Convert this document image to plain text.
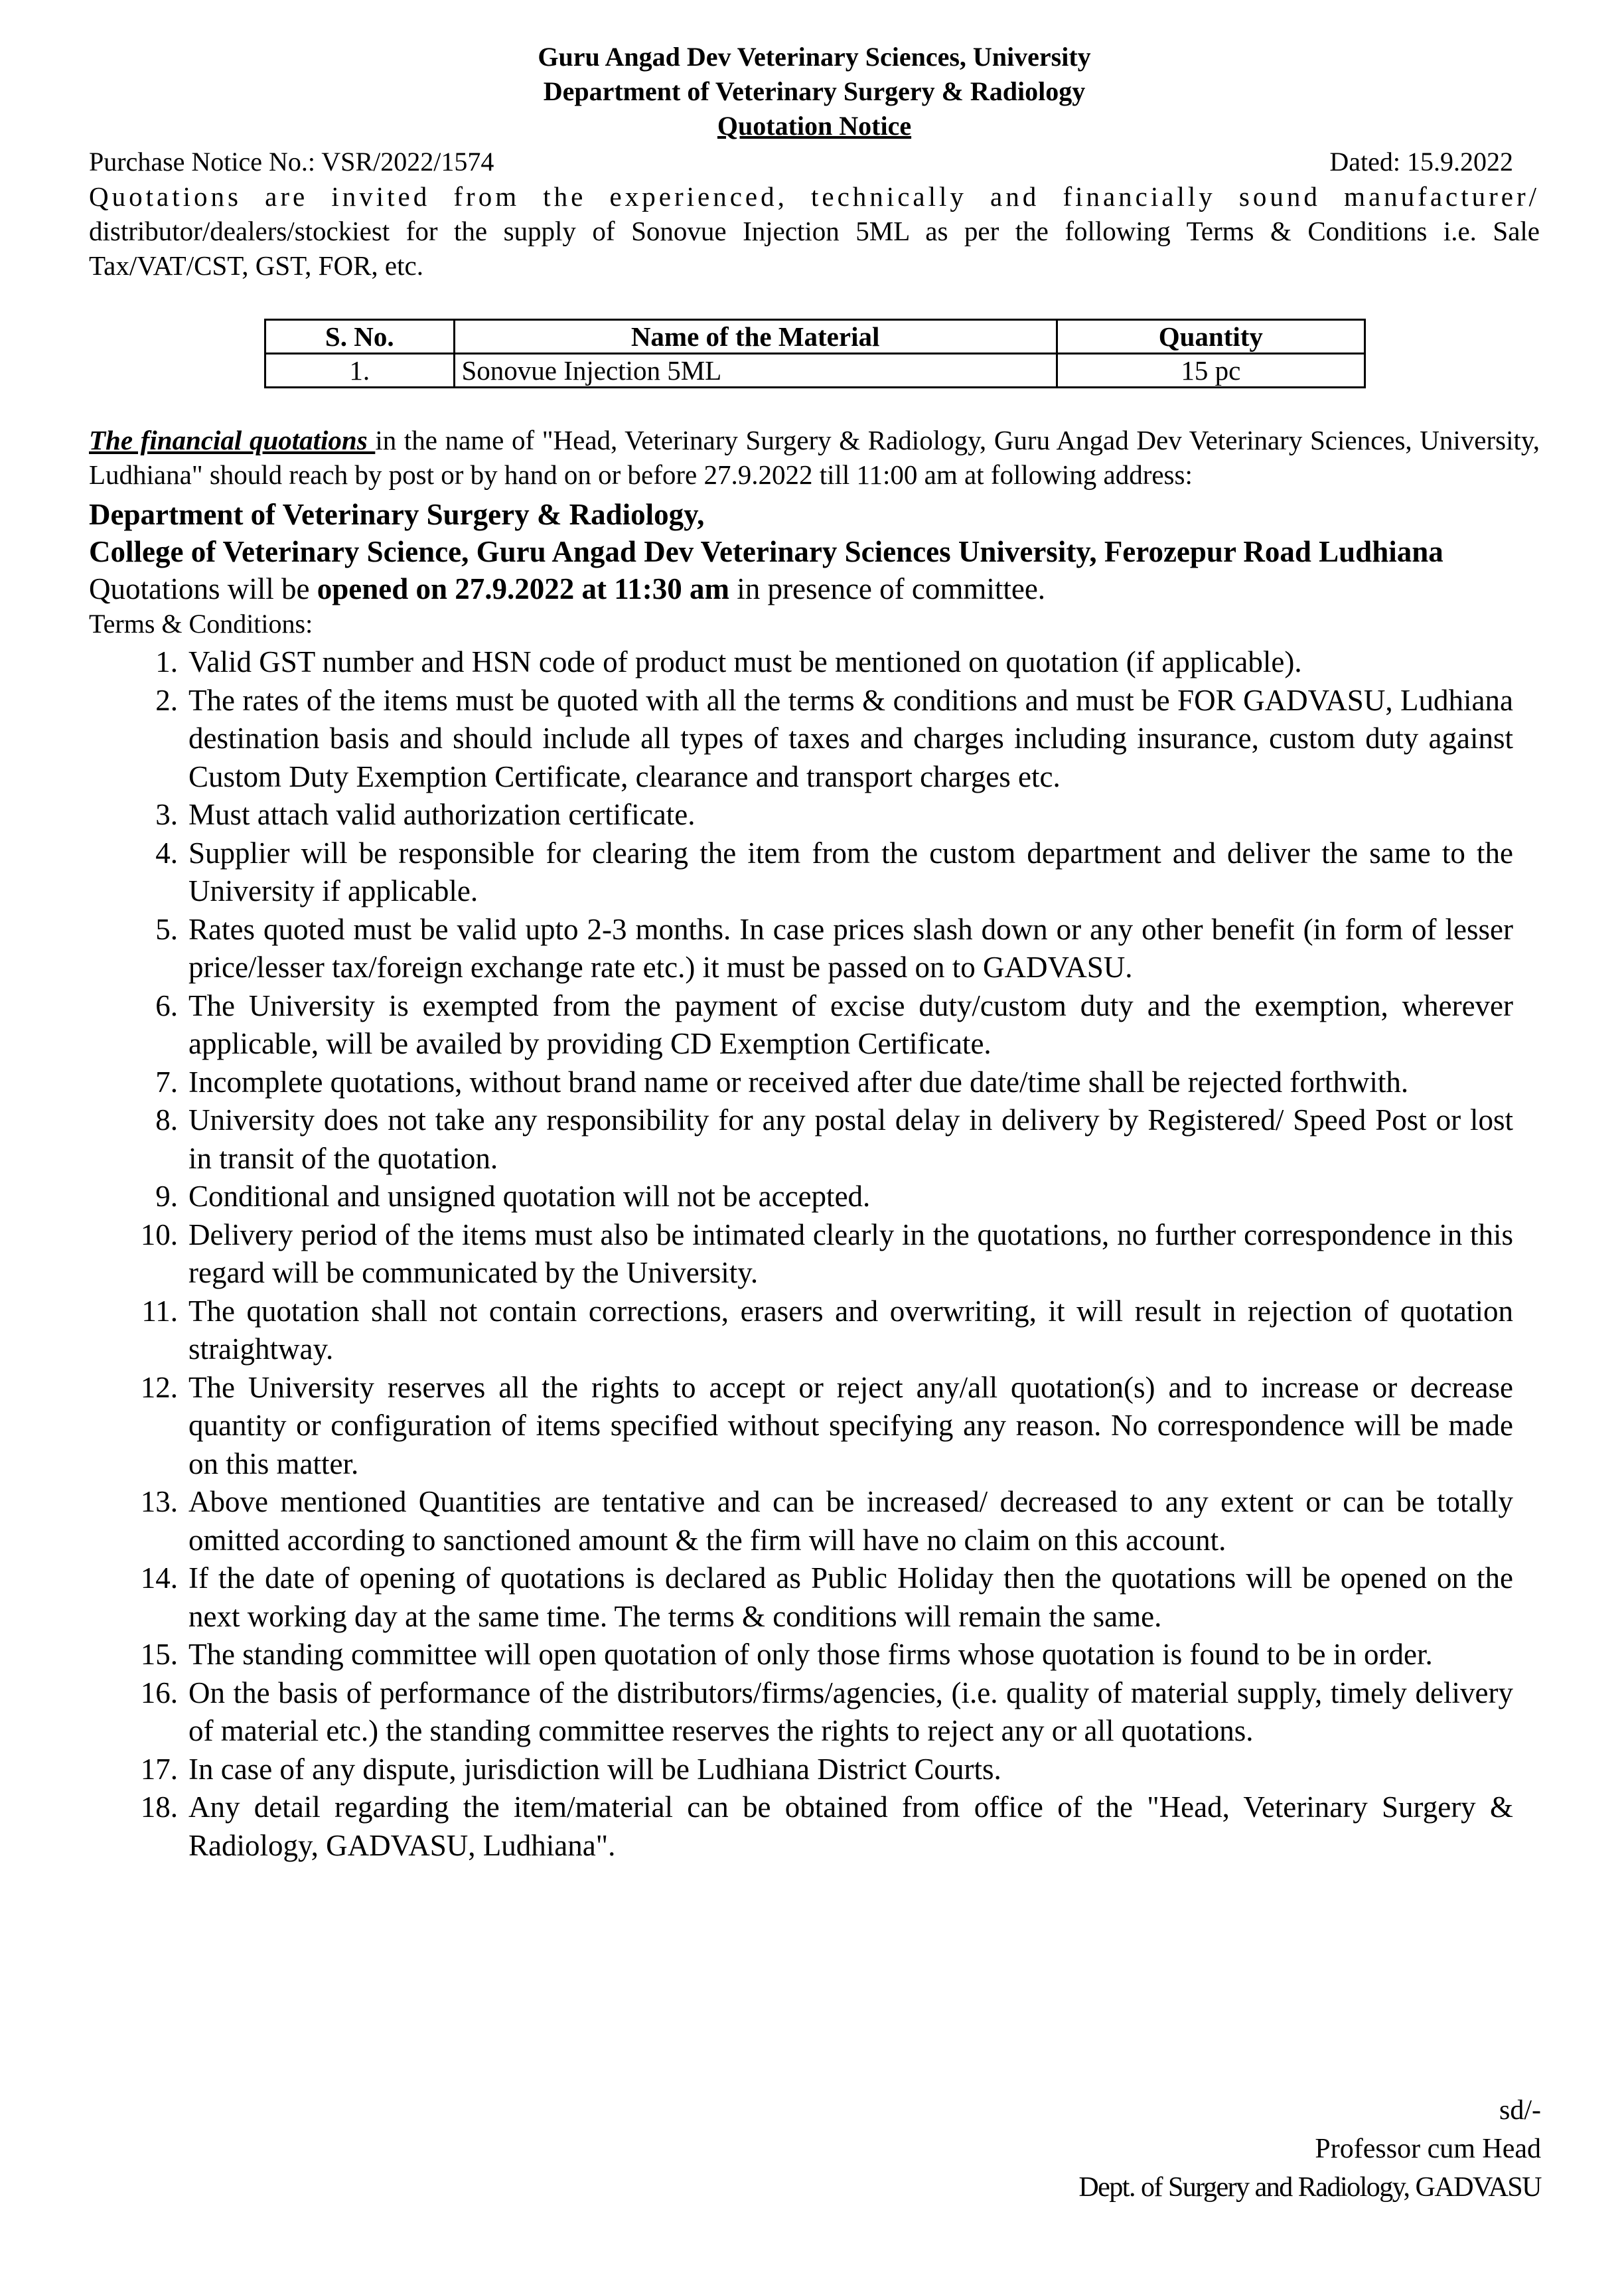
Guru Angad Dev Veterinary Sciences, University
Department of Veterinary Surgery & Radiology
Quotation Notice
Purchase Notice No.: VSR/2022/1574	Dated: 15.9.2022
Quotations are invited from the experienced, technically and financially sound manufacturer/
distributor/dealers/stockiest for the supply of Sonovue Injection 5ML as per the following Terms & Conditions i.e. Sale Tax/VAT/CST, GST, FOR, etc.
S. No.	Name of the Material	Quantity
1.	Sonovue Injection 5ML	15 pc
The financial quotations in the name of "Head, Veterinary Surgery & Radiology, Guru Angad Dev Veterinary Sciences, University, Ludhiana" should reach by post or by hand on or before 27.9.2022 till 11:00 am at following address:
Department of Veterinary Surgery & Radiology,
College of Veterinary Science, Guru Angad Dev Veterinary Sciences University, Ferozepur Road Ludhiana
Quotations will be opened on 27.9.2022 at 11:30 am in presence of committee.
Terms & Conditions:
1. Valid GST number and HSN code of product must be mentioned on quotation (if applicable).
2. The rates of the items must be quoted with all the terms & conditions and must be FOR GADVASU, Ludhiana destination basis and should include all types of taxes and charges including insurance, custom duty against Custom Duty Exemption Certificate, clearance and transport charges etc.
3. Must attach valid authorization certificate.
4. Supplier will be responsible for clearing the item from the custom department and deliver the same to the University if applicable.
5. Rates quoted must be valid upto 2-3 months. In case prices slash down or any other benefit (in form of lesser price/lesser tax/foreign exchange rate etc.) it must be passed on to GADVASU.
6. The University is exempted from the payment of excise duty/custom duty and the exemption, wherever applicable, will be availed by providing CD Exemption Certificate.
7. Incomplete quotations, without brand name or received after due date/time shall be rejected forthwith.
8. University does not take any responsibility for any postal delay in delivery by Registered/ Speed Post or lost in transit of the quotation.
9. Conditional and unsigned quotation will not be accepted.
10. Delivery period of the items must also be intimated clearly in the quotations, no further correspondence in this regard will be communicated by the University.
11. The quotation shall not contain corrections, erasers and overwriting, it will result in rejection of quotation straightway.
12. The University reserves all the rights to accept or reject any/all quotation(s) and to increase or decrease quantity or configuration of items specified without specifying any reason. No correspondence will be made on this matter.
13. Above mentioned Quantities are tentative and can be increased/ decreased to any extent or can be totally omitted according to sanctioned amount & the firm will have no claim on this account.
14. If the date of opening of quotations is declared as Public Holiday then the quotations will be opened on the next working day at the same time. The terms & conditions will remain the same.
15. The standing committee will open quotation of only those firms whose quotation is found to be in order.
16. On the basis of performance of the distributors/firms/agencies, (i.e. quality of material supply, timely delivery of material etc.) the standing committee reserves the rights to reject any or all quotations.
17. In case of any dispute, jurisdiction will be Ludhiana District Courts.
18. Any detail regarding the item/material can be obtained from office of the "Head, Veterinary Surgery & Radiology, GADVASU, Ludhiana".
sd/-
Professor cum Head
Dept. of Surgery and Radiology, GADVASU
